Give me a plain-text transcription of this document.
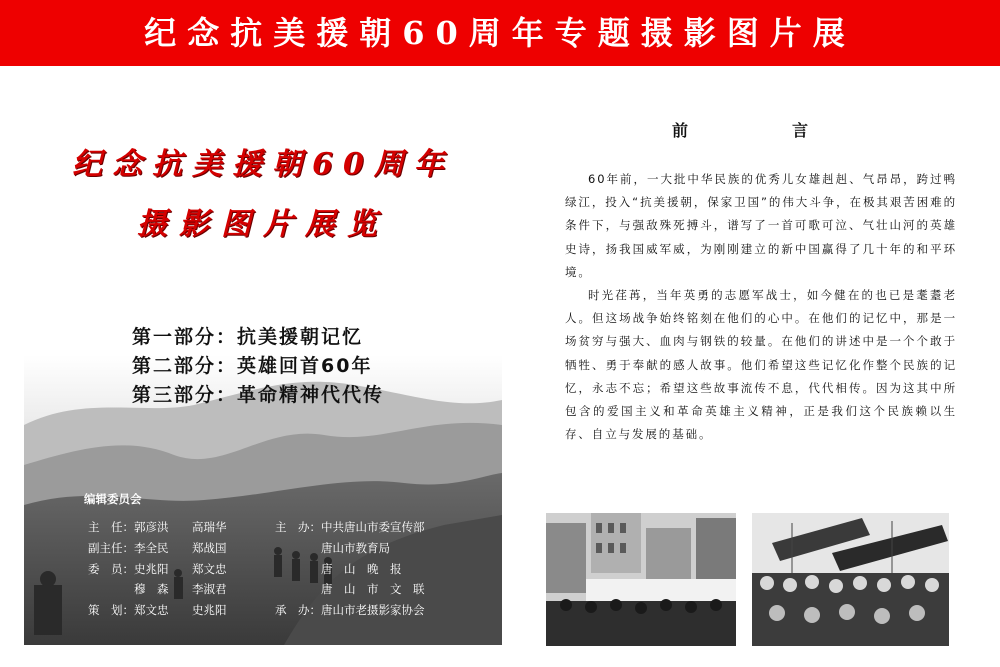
纪念抗美援朝60周年专题摄影图片展
纪念抗美援朝60周年
摄影图片展览
第一部分：抗美援朝记忆
第二部分：英雄回首60年
第三部分：革命精神代代传
编辑委员会
主　任：郭彦洪 高瑞华
副主任：李全民 郑战国
委　员：史兆阳 郑文忠
穆　森 李淑君
策　划：郑文忠 史兆阳
主　办：中共唐山市委宣传部
唐山市教育局
唐　山　晚　报
唐　山　市　文　联
承　办：唐山市老摄影家协会
前	言

60年前，一大批中华民族的优秀儿女雄赳赳、气昂昂，跨过鸭绿江，投入“抗美援朝，保家卫国”的伟大斗争，在极其艰苦困难的条件下，与强敌殊死搏斗，谱写了一首可歌可泣、气壮山河的英雄史诗，扬我国威军威，为刚刚建立的新中国赢得了几十年的和平环境。

时光荏苒，当年英勇的志愿军战士，如今健在的也已是耄耋老人。但这场战争始终铭刻在他们的心中。在他们的记忆中，那是一场贫穷与强大、血肉与钢铁的较量。在他们的讲述中是一个个敢于牺牲、勇于奉献的感人故事。他们希望这些记忆化作整个民族的记忆，永志不忘；希望这些故事流传不息，代代相传。因为这其中所包含的爱国主义和革命英雄主义精神，正是我们这个民族赖以生存、自立与发展的基础。
